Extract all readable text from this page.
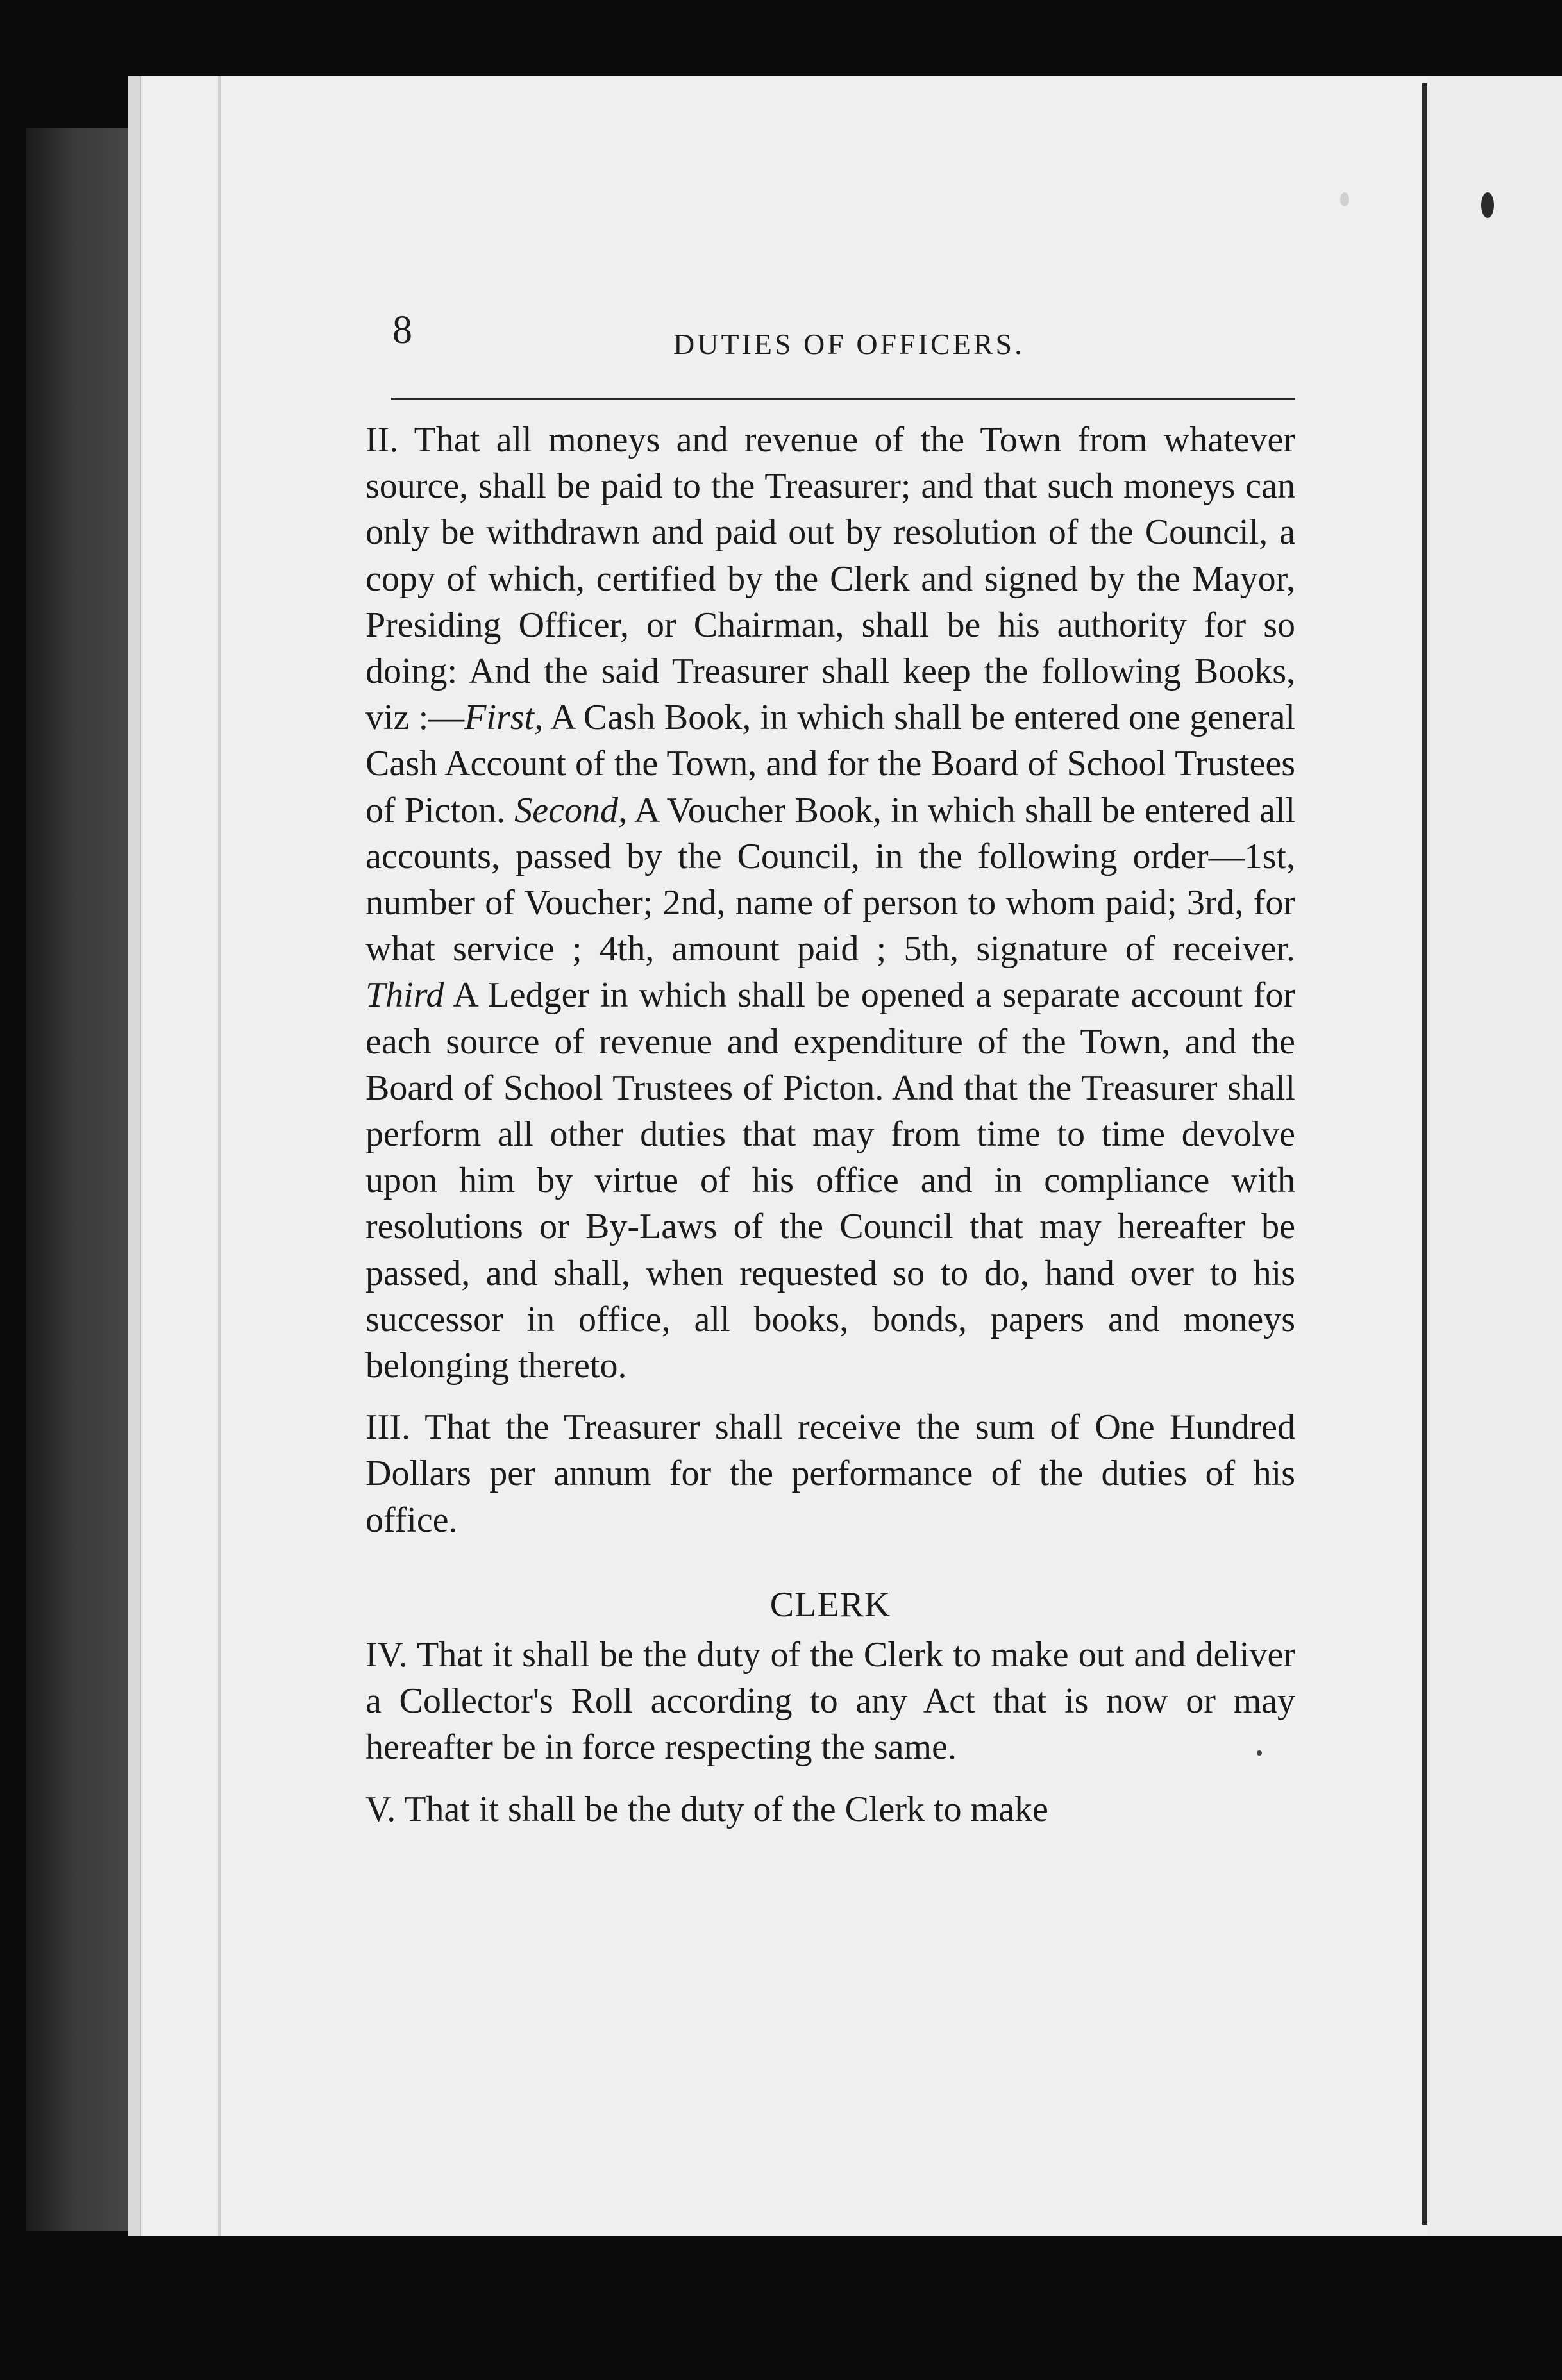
8	DUTIES OF OFFICERS.

II. That all moneys and revenue of the Town from whatever source, shall be paid to the Treasurer; and that such moneys can only be withdrawn and paid out by resolution of the Council, a copy of which, certified by the Clerk and signed by the Mayor, Presiding Officer, or Chairman, shall be his authority for so doing: And the said Treasurer shall keep the following Books, viz :—First, A Cash Book, in which shall be entered one general Cash Account of the Town, and for the Board of School Trustees of Picton. Second, A Voucher Book, in which shall be entered all accounts, passed by the Council, in the following order—1st, number of Voucher; 2nd, name of person to whom paid; 3rd, for what service ; 4th, amount paid ; 5th, signature of receiver. Third A Ledger in which shall be opened a separate account for each source of revenue and expenditure of the Town, and the Board of School Trustees of Picton. And that the Treasurer shall perform all other duties that may from time to time devolve upon him by virtue of his office and in compliance with resolutions or By-Laws of the Council that may hereafter be passed, and shall, when requested so to do, hand over to his successor in office, all books, bonds, papers and moneys belonging thereto.

III. That the Treasurer shall receive the sum of One Hundred Dollars per annum for the performance of the duties of his office.

CLERK

IV. That it shall be the duty of the Clerk to make out and deliver a Collector's Roll according to any Act that is now or may hereafter be in force respecting the same.

V. That it shall be the duty of the Clerk to make
